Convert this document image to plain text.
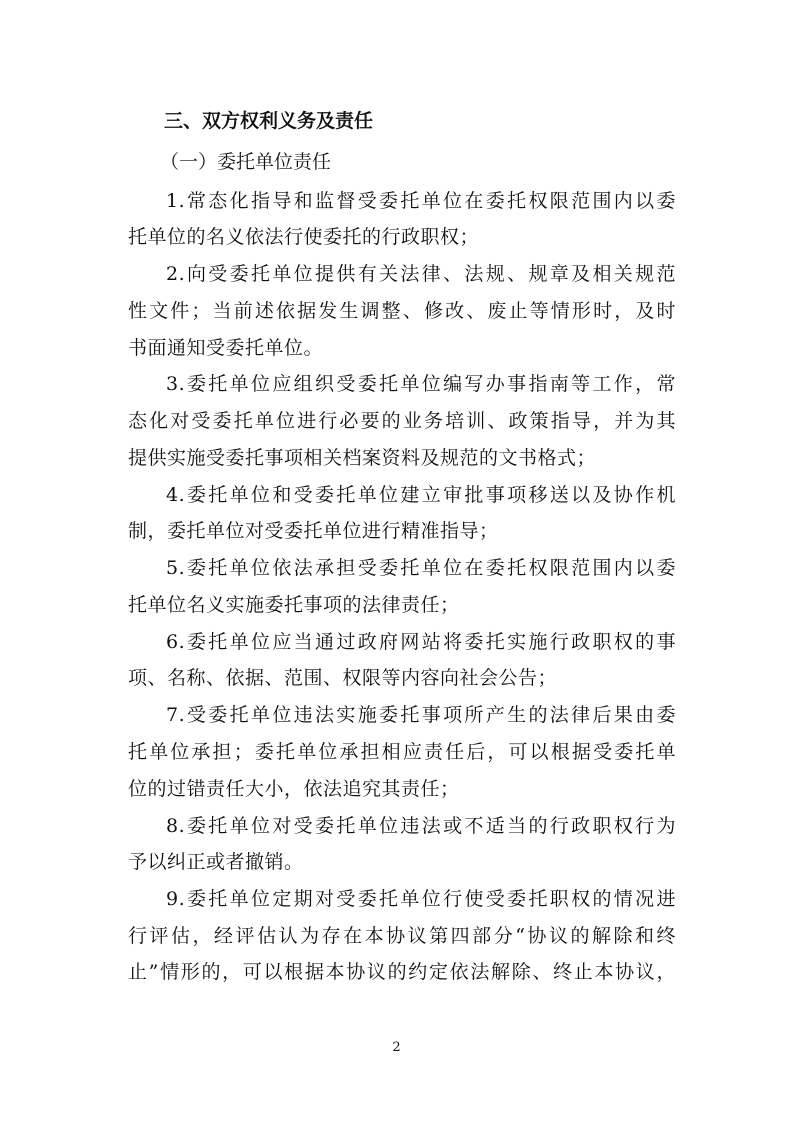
三、双方权利义务及责任
（一）委托单位责任
1.常态化指导和监督受委托单位在委托权限范围内以委
托单位的名义依法行使委托的行政职权；
2.向受委托单位提供有关法律、法规、规章及相关规范
性文件；当前述依据发生调整、修改、废止等情形时，及时
书面通知受委托单位。
3.委托单位应组织受委托单位编写办事指南等工作，常
态化对受委托单位进行必要的业务培训、政策指导，并为其
提供实施受委托事项相关档案资料及规范的文书格式；
4.委托单位和受委托单位建立审批事项移送以及协作机
制，委托单位对受委托单位进行精准指导；
5.委托单位依法承担受委托单位在委托权限范围内以委
托单位名义实施委托事项的法律责任；
6.委托单位应当通过政府网站将委托实施行政职权的事
项、名称、依据、范围、权限等内容向社会公告；
7.受委托单位违法实施委托事项所产生的法律后果由委
托单位承担；委托单位承担相应责任后，可以根据受委托单
位的过错责任大小，依法追究其责任；
8.委托单位对受委托单位违法或不适当的行政职权行为
予以纠正或者撤销。
9.委托单位定期对受委托单位行使受委托职权的情况进
行评估，经评估认为存在本协议第四部分“协议的解除和终
止”情形的，可以根据本协议的约定依法解除、终止本协议，
2
